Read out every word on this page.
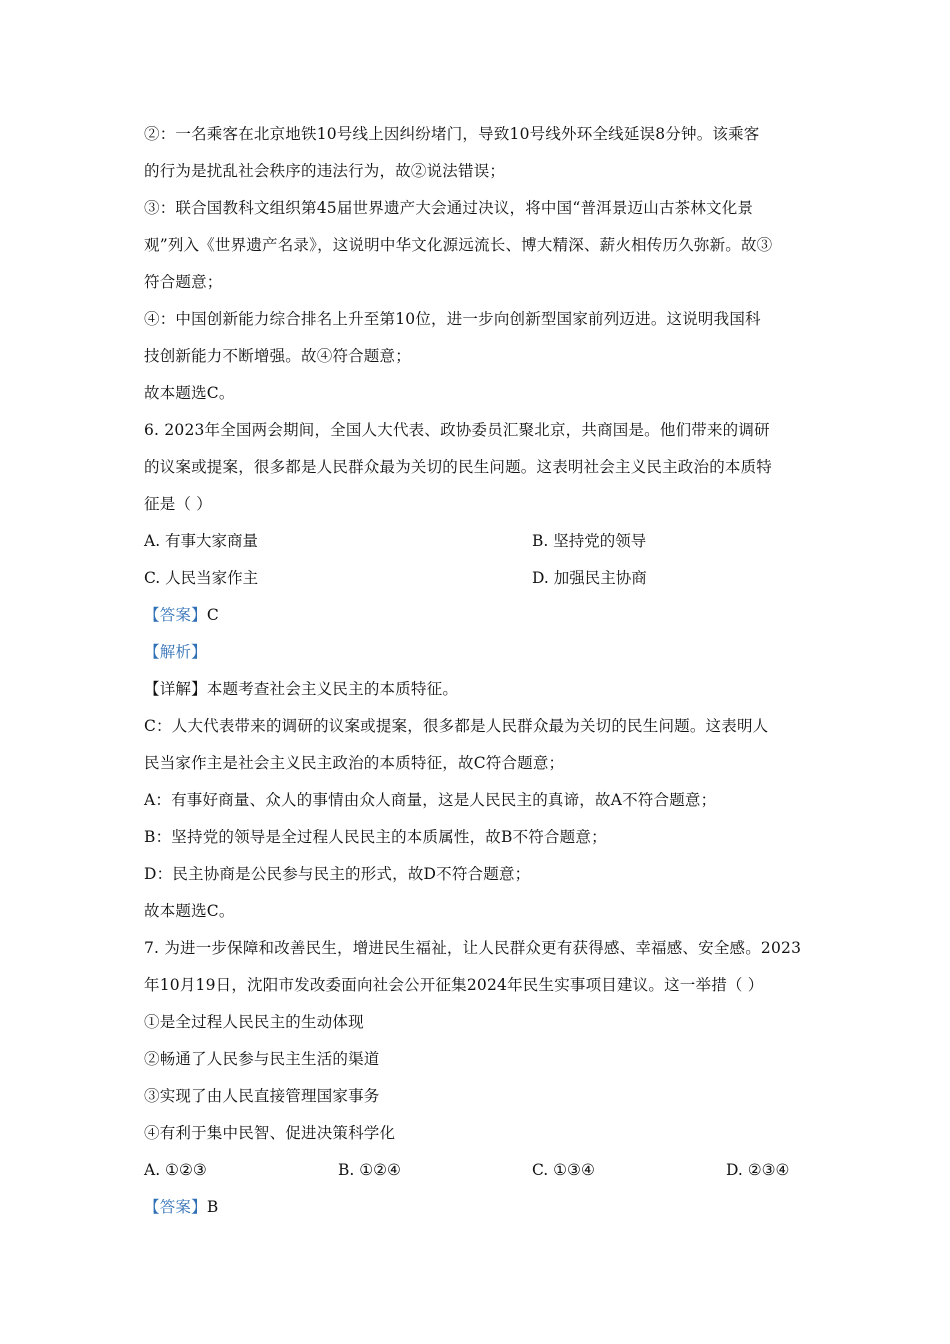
②：一名乘客在北京地铁10号线上因纠纷堵门，导致10号线外环全线延误8分钟。该乘客
的行为是扰乱社会秩序的违法行为，故②说法错误；
③：联合国教科文组织第45届世界遗产大会通过决议，将中国“普洱景迈山古茶林文化景
观”列入《世界遗产名录》，这说明中华文化源远流长、博大精深、薪火相传历久弥新。故③
符合题意；
④：中国创新能力综合排名上升至第10位，进一步向创新型国家前列迈进。这说明我国科
技创新能力不断增强。故④符合题意；
故本题选C。
6. 2023年全国两会期间，全国人大代表、政协委员汇聚北京，共商国是。他们带来的调研
的议案或提案，很多都是人民群众最为关切的民生问题。这表明社会主义民主政治的本质特
征是（ ）
A. 有事大家商量	B. 坚持党的领导
C. 人民当家作主	D. 加强民主协商
【答案】C
【解析】
【详解】本题考查社会主义民主的本质特征。
C：人大代表带来的调研的议案或提案，很多都是人民群众最为关切的民生问题。这表明人
民当家作主是社会主义民主政治的本质特征，故C符合题意；
A：有事好商量、众人的事情由众人商量，这是人民民主的真谛，故A不符合题意；
B：坚持党的领导是全过程人民民主的本质属性，故B不符合题意；
D：民主协商是公民参与民主的形式，故D不符合题意；
故本题选C。
7. 为进一步保障和改善民生，增进民生福祉，让人民群众更有获得感、幸福感、安全感。2023
年10月19日，沈阳市发改委面向社会公开征集2024年民生实事项目建议。这一举措（ ）
①是全过程人民民主的生动体现
②畅通了人民参与民主生活的渠道
③实现了由人民直接管理国家事务
④有利于集中民智、促进决策科学化
A. ①②③	B. ①②④	C. ①③④	D. ②③④
【答案】B
